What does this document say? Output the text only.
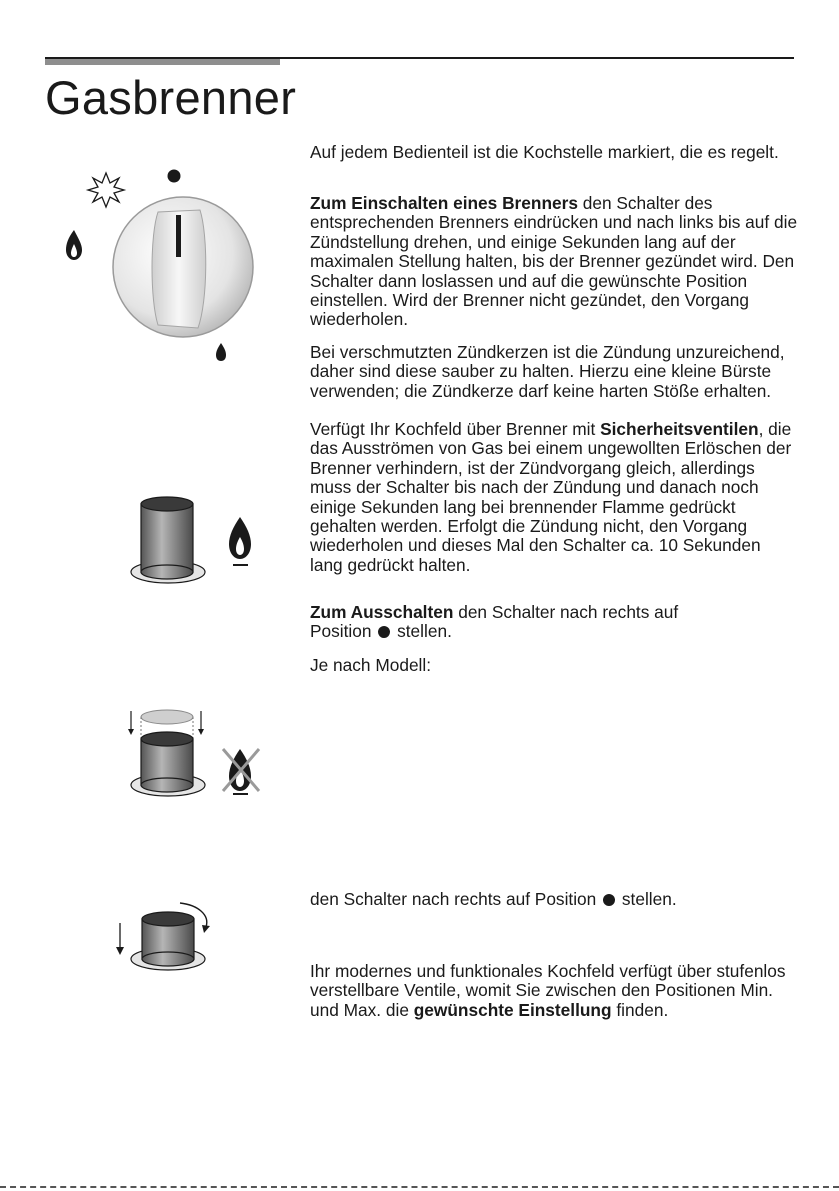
Gasbrenner

Auf jedem Bedienteil ist die Kochstelle markiert, die es regelt.

Zum Einschalten eines Brenners den Schalter des entsprechenden Brenners eindrücken und nach links bis auf die Zündstellung drehen, und einige Sekunden lang auf der maximalen Stellung halten, bis der Brenner gezündet wird. Den Schalter dann loslassen und auf die gewünschte Position einstellen. Wird der Brenner nicht gezündet, den Vorgang wiederholen.

Bei verschmutzten Zündkerzen ist die Zündung unzureichend, daher sind diese sauber zu halten. Hierzu eine kleine Bürste verwenden; die Zündkerze darf keine harten Stöße erhalten.

Verfügt Ihr Kochfeld über Brenner mit Sicherheitsventilen, die das Ausströmen von Gas bei einem ungewollten Erlöschen der Brenner verhindern, ist der Zündvorgang gleich, allerdings muss der Schalter bis nach der Zündung und danach noch einige Sekunden lang bei brennender Flamme gedrückt gehalten werden. Erfolgt die Zündung nicht, den Vorgang wiederholen und dieses Mal den Schalter ca. 10 Sekunden lang gedrückt halten.

Zum Ausschalten den Schalter nach rechts auf
Position stellen.

Je nach Modell:

den Schalter nach rechts auf Position stellen.

Ihr modernes und funktionales Kochfeld verfügt über stufenlos verstellbare Ventile, womit Sie zwischen den Positionen Min. und Max. die gewünschte Einstellung finden.
